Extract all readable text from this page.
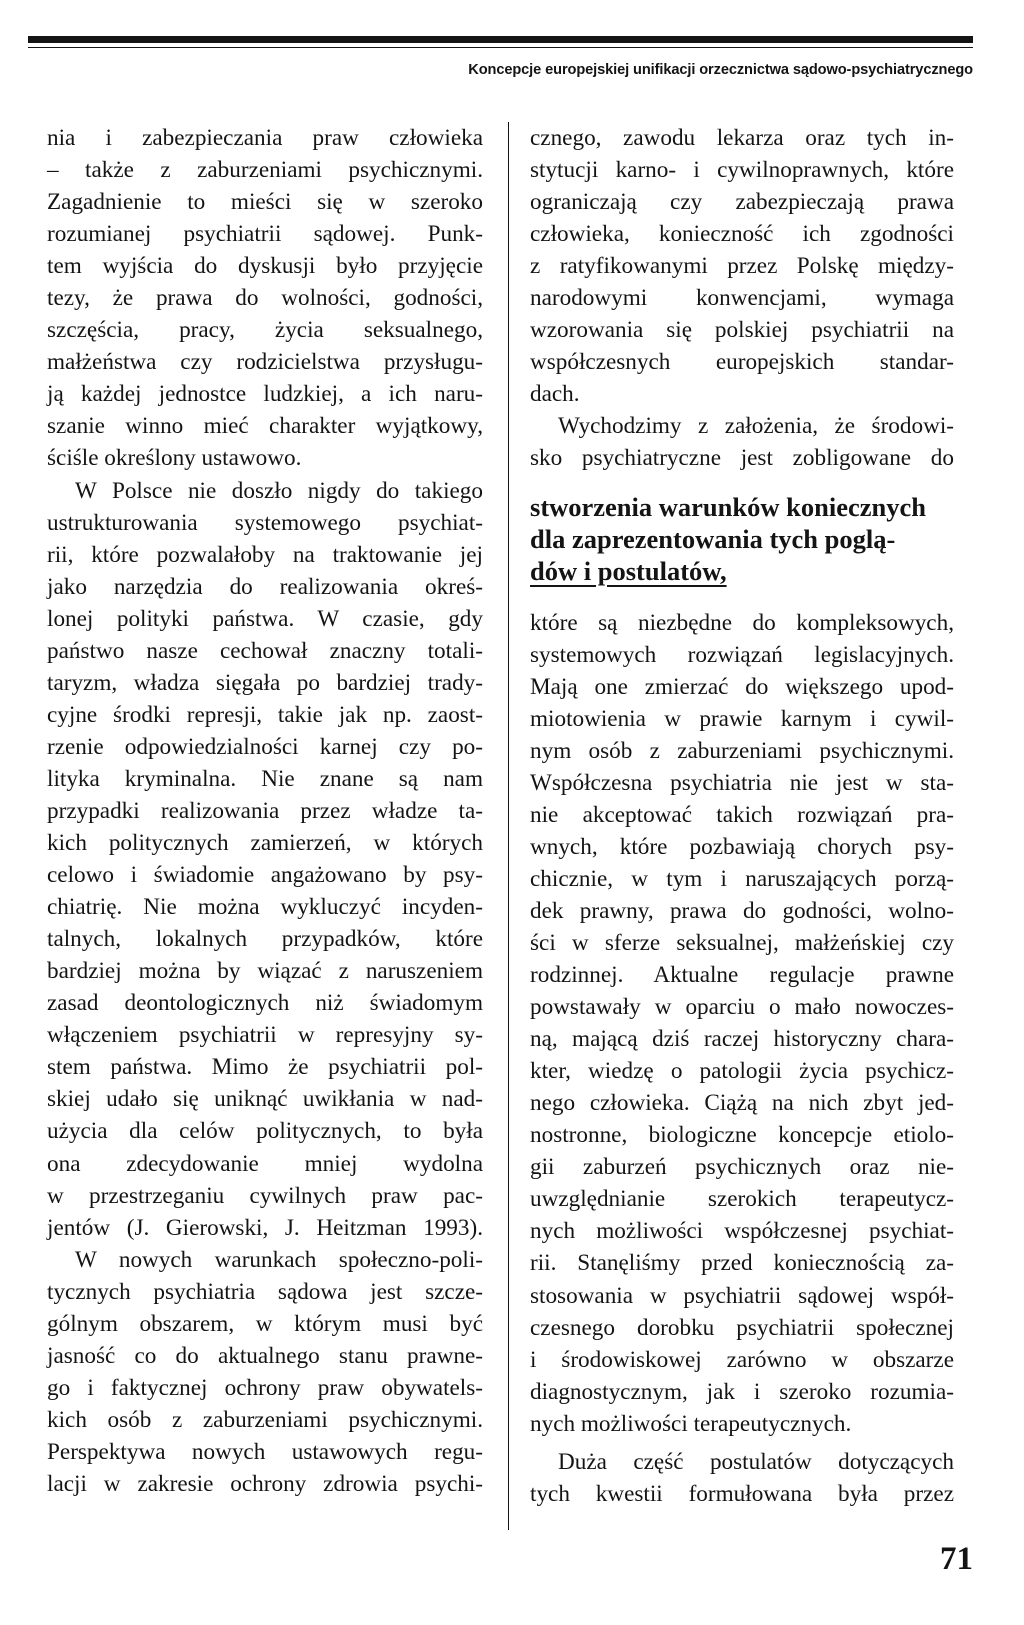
Koncepcje europejskiej unifikacji orzecznictwa sądowo-psychiatrycznego
nia i zabezpieczania praw człowieka
– także z zaburzeniami psychicznymi.
Zagadnienie to mieści się w szeroko
rozumianej psychiatrii sądowej. Punk-
tem wyjścia do dyskusji było przyjęcie
tezy, że prawa do wolności, godności,
szczęścia, pracy, życia seksualnego,
małżeństwa czy rodzicielstwa przysługu-
ją każdej jednostce ludzkiej, a ich naru-
szanie winno mieć charakter wyjątkowy,
ściśle określony ustawowo.
W Polsce nie doszło nigdy do takiego
ustrukturowania systemowego psychiat-
rii, które pozwalałoby na traktowanie jej
jako narzędzia do realizowania okreś-
lonej polityki państwa. W czasie, gdy
państwo nasze cechował znaczny totali-
taryzm, władza sięgała po bardziej trady-
cyjne środki represji, takie jak np. zaost-
rzenie odpowiedzialności karnej czy po-
lityka kryminalna. Nie znane są nam
przypadki realizowania przez władze ta-
kich politycznych zamierzeń, w których
celowo i świadomie angażowano by psy-
chiatrię. Nie można wykluczyć incyden-
talnych, lokalnych przypadków, które
bardziej można by wiązać z naruszeniem
zasad deontologicznych niż świadomym
włączeniem psychiatrii w represyjny sy-
stem państwa. Mimo że psychiatrii pol-
skiej udało się uniknąć uwikłania w nad-
użycia dla celów politycznych, to była
ona zdecydowanie mniej wydolna
w przestrzeganiu cywilnych praw pac-
jentów (J. Gierowski, J. Heitzman 1993).
W nowych warunkach społeczno-poli-
tycznych psychiatria sądowa jest szcze-
gólnym obszarem, w którym musi być
jasność co do aktualnego stanu prawne-
go i faktycznej ochrony praw obywatels-
kich osób z zaburzeniami psychicznymi.
Perspektywa nowych ustawowych regu-
lacji w zakresie ochrony zdrowia psychi-
cznego, zawodu lekarza oraz tych in-
stytucji karno- i cywilnoprawnych, które
ograniczają czy zabezpieczają prawa
człowieka, konieczność ich zgodności
z ratyfikowanymi przez Polskę między-
narodowymi konwencjami, wymaga
wzorowania się polskiej psychiatrii na
współczesnych europejskich standar-
dach.
Wychodzimy z założenia, że środowi-
sko psychiatryczne jest zobligowane do
stworzenia warunków koniecznych
dla zaprezentowania tych poglą-
dów i postulatów,
które są niezbędne do kompleksowych,
systemowych rozwiązań legislacyjnych.
Mają one zmierzać do większego upod-
miotowienia w prawie karnym i cywil-
nym osób z zaburzeniami psychicznymi.
Współczesna psychiatria nie jest w sta-
nie akceptować takich rozwiązań pra-
wnych, które pozbawiają chorych psy-
chicznie, w tym i naruszających porzą-
dek prawny, prawa do godności, wolno-
ści w sferze seksualnej, małżeńskiej czy
rodzinnej. Aktualne regulacje prawne
powstawały w oparciu o mało nowoczes-
ną, mającą dziś raczej historyczny chara-
kter, wiedzę o patologii życia psychicz-
nego człowieka. Ciążą na nich zbyt jed-
nostronne, biologiczne koncepcje etiolo-
gii zaburzeń psychicznych oraz nie-
uwzględnianie szerokich terapeutycz-
nych możliwości współczesnej psychiat-
rii. Stanęliśmy przed koniecznością za-
stosowania w psychiatrii sądowej współ-
czesnego dorobku psychiatrii społecznej
i środowiskowej zarówno w obszarze
diagnostycznym, jak i szeroko rozumia-
nych możliwości terapeutycznych.
Duża część postulatów dotyczących
tych kwestii formułowana była przez
71
